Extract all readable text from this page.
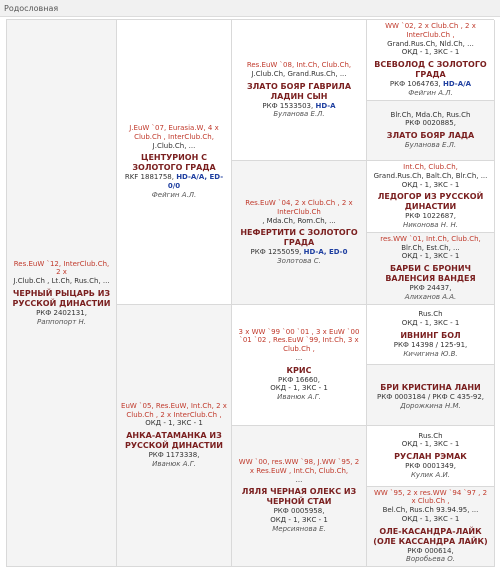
Родословная
Res.EuW `12, InterClub.Ch, 2 x
J.Club.Ch , Lt.Ch, Rus.Ch, ...
ЧЕРНЫЙ РЫЦАРЬ ИЗ РУССКОЙ ДИНАСТИИ
РКФ 2402131,
Раппопорт Н.
J.EuW `07, Eurasia.W, 4 x Club.Ch , InterClub.Ch,
J.Club.Ch, ...
ЦЕНТУРИОН С ЗОЛОТОГО ГРАДА
RKF 1881758, HD-A/A, ED-0/0
Фейгин А.Л.
EuW `05, Res.EuW, Int.Ch, 2 x Club.Ch , 2 x InterClub.Ch ,
ОКД - 1, ЗКС - 1
АНКА-АТАМАНКА ИЗ РУССКОЙ ДИНАСТИИ
РКФ 1173338,
Иванюк А.Г.
Res.EuW `08, Int.Ch, Club.Ch,
J.Club.Ch, Grand.Rus.Ch, ...
ЗЛАТО БОЯР ГАВРИЛА ЛАДИН СЫН
РКФ 1533503, HD-A
Буланова Е.Л.
Res.EuW `04, 2 x Club.Ch , 2 x InterClub.Ch
, Mda.Ch, Rom.Ch, ...
НЕФЕРТИТИ С ЗОЛОТОГО ГРАДА
РКФ 1255059, HD-A, ED-0
Золотова С.
3 x WW `99 `00 `01 , 3 x EuW `00 `01 `02 , Res.EuW `99, Int.Ch, 3 x Club.Ch ,
...
КРИС
РКФ 16660,
ОКД - 1, ЗКС - 1
Иванюк А.Г.
WW `00, res.WW `98, J.WW `95, 2 x Res.EuW , Int.Ch, Club.Ch,
...
ЛЯЛЯ ЧЕРНАЯ ОЛЕКС ИЗ ЧЕРНОЙ СТАИ
РКФ 0005958,
ОКД - 1, ЗКС - 1
Мерсиянова Е.
WW `02, 2 x Club.Ch , 2 x InterClub.Ch ,
Grand.Rus.Ch, Nld.Ch, ...
ОКД - 1, ЗКС - 1
ВСЕВОЛОД С ЗОЛОТОГО ГРАДА
РКФ 1064763, HD-A/A
Фейгин А.Л.
Blr.Ch, Mda.Ch, Rus.Ch
РКФ 0020885,
ЗЛАТО БОЯР ЛАДА
Буланова Е.Л.
Int.Ch, Club.Ch,
Grand.Rus.Ch, Balt.Ch, Blr.Ch, ...
ОКД - 1, ЗКС - 1
ЛЕДОГОР ИЗ РУССКОЙ ДИНАСТИИ
РКФ 1022687,
Никонова Н. Н.
res.WW `01, Int.Ch, Club.Ch,
Blr.Ch, Est.Ch, ...
ОКД - 1, ЗКС - 1
БАРБИ С БРОНИЧ ВАЛЕНСИЯ ВАНДЕЯ
РКФ 24437,
Алиханов А.А.
Rus.Ch
ОКД - 1, ЗКС - 1
ИВНИНГ БОЛ
РКФ 14398 / 125-91,
Кичигина Ю.В.
БРИ КРИСТИНА ЛАНИ
РКФ 0003184 / РКФ С 435-92,
Дорожкина Н.М.
Rus.Ch
ОКД - 1, ЗКС - 1
РУСЛАН РЭМАК
РКФ 0001349,
Кулик А.И.
WW `95, 2 x res.WW `94 `97 , 2 x Club.Ch ,
Bel.Ch, Rus.Ch 93.94.95, ...
ОКД - 1, ЗКС - 1
ОЛЕ-КАСАНДРА-ЛАЙК (ОЛЕ КАССАНДРА ЛАЙК)
РКФ 000614,
Воробьева О.
